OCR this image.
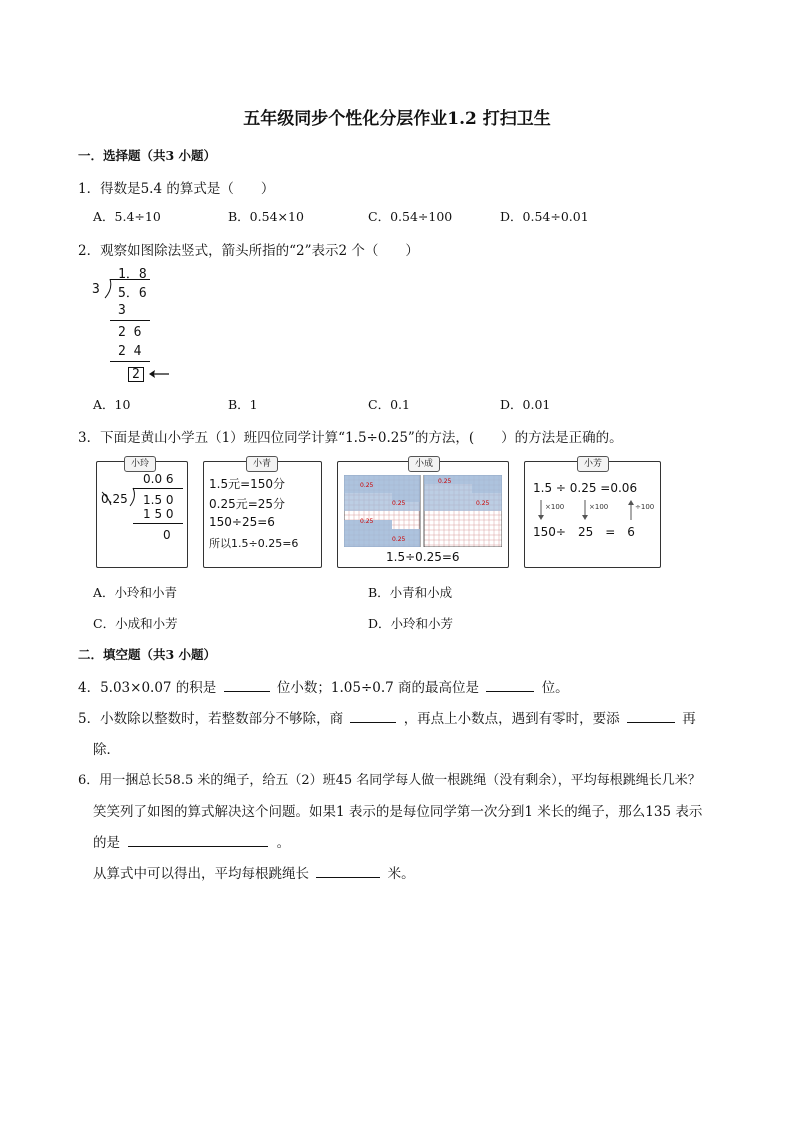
五年级同步个性化分层作业1.2 打扫卫生
一．选择题（共3 小题）
1．得数是5.4 的算式是（　　）
A．5.4÷10	B．0.54×10	C．0.54÷100	D．0.54÷0.01
2．观察如图除法竖式，箭头所指的“2”表示2 个（　　）
1．8
3 5．6
3
2 6
2 4
2
A．10	B．1	C．0.1	D．0.01
3．下面是黄山小学五（1）班四位同学计算“1.5÷0.25”的方法，(　　）的方法是正确的。
小玲
0.0 6
0.25 1.5 0
1 5 0
0
小青
1.5元=150分
0.25元=25分
150÷25=6
所以1.5÷0.25=6
小成
0.25
0.25
0.25
0.25
0.25
0.25
1.5÷0.25=6
小芳
1.5 ÷ 0.25 =0.06
×100	×100	÷100
150÷　25　=　6
A．小玲和小青	B．小青和小成
C．小成和小芳	D．小玲和小芳
二．填空题（共3 小题）
4．5.03×0.07 的积是	位小数；1.05÷0.7 商的最高位是	位。
5．小数除以整数时，若整数部分不够除，商	，再点上小数点，遇到有零时，要添	再
除．
6．用一捆总长58.5 米的绳子，给五（2）班45 名同学每人做一根跳绳（没有剩余），平均每根跳绳长几米？
笑笑列了如图的算式解决这个问题。如果1 表示的是每位同学第一次分到1 米长的绳子，那么135 表示
的是	。
从算式中可以得出，平均每根跳绳长	米。
